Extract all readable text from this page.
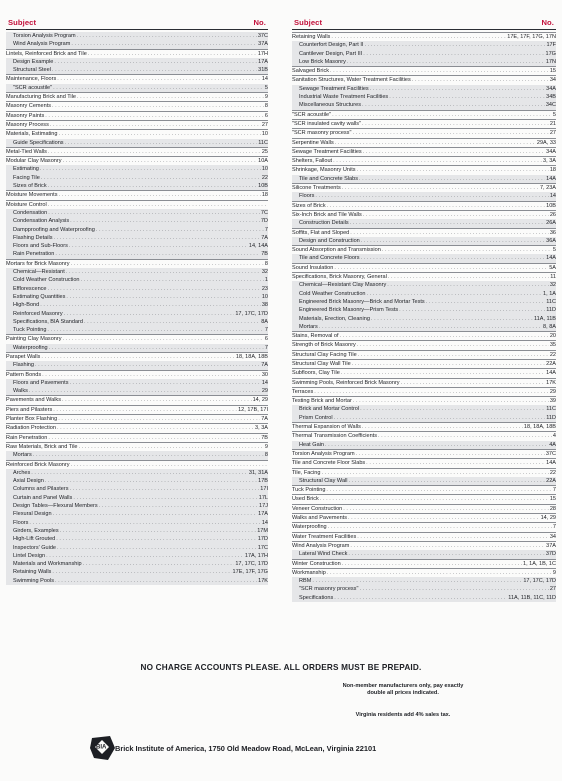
Subject	No.
Torsion Analysis Program .....	37C
Wind Analysis Program .....	37A
Lintels, Reinforced Brick and Tile .....	17H
Design Example .....	17A
Structural Steel .....	31B
Maintenance, Floors .....	14
"SCR acoustile" .....	5
Manufacturing Brick and Tile .....	9
Masonry Cements .....	8
Masonry Paints .....	6
Masonry Process .....	27
Materials, Estimating .....	10
Guide Specifications .....	11C
Metal-Tied Walls .....	25
Modular Clay Masonry .....	10A
Estimating .....	10
Facing Tile .....	22
Sizes of Brick .....	10B
Moisture Movements .....	18
Moisture Control
.....
Condensation .....	7C
Condensation Analysis .....	7D
Dampproofing and Waterproofing .....	7
Flashing Details .....	7A
Floors and Sub-Floors .....	14, 14A
Rain Penetration .....	7B
Mortars for Brick Masonry .....	8
Chemical—Resistant .....	32
Cold Weather Construction .....	1
Efflorescence .....	23
Estimating Quantities .....	10
High-Bond .....	38
Reinforced Masonry .....	17, 17C, 17D
Specifications, BIA Standard .....	8A
Tuck Pointing .....	7
Painting Clay Masonry .....	6
Waterproofing .....	7
Parapet Walls .....	18, 18A, 18B
Flashing .....	7A
Pattern Bonds .....	30
Floors and Pavements .....	14
Walks .....	29
Pavements and Walks .....	14, 29
Piers and Pilasters .....	12, 17B, 17I
Planter Box Flashing .....	7A
Radiation Protection .....	3, 3A
Rain Penetration .....	7B
Raw Materials, Brick and Tile .....	9
Mortars .....	8
Reinforced Brick Masonry
.....
Arches .....	31, 31A
Axial Design .....	17B
Columns and Pilasters .....	17I
Curtain and Panel Walls .....	17L
Design Tables—Flexural Members .....	17J
Flexural Design .....	17A
Floors .....	14
Girders, Examples .....	17M
High-Lift Grouted .....	17D
Inspectors' Guide .....	17C
Lintel Design .....	17A, 17H
Materials and Workmanship .....	17, 17C, 17D
Retaining Walls .....	17E, 17F, 17G
Swimming Pools .....	17K
Subject	No.
Retaining Walls .....	17E, 17F, 17G, 17N
Counterfort Design, Part II .....	17F
Cantilever Design, Part III .....	17G
Low Brick Masonry .....	17N
Salvaged Brick .....	15
Sanitation Structures, Water Treatment Facilities .....	34
Sewage Treatment Facilities .....	34A
Industrial Waste Treatment Facilities .....	34B
Miscellaneous Structures .....	34C
"SCR acoustile" .....	5
"SCR insulated cavity walls" .....	21
"SCR masonry process" .....	27
Serpentine Walls .....	29A, 33
Sewage Treatment Facilities .....	34A
Shelters, Fallout .....	3, 3A
Shrinkage, Masonry Units .....	18
Tile and Concrete Slabs .....	14A
Silicone Treatments .....	7, 23A
Floors .....	14
Sizes of Brick .....	10B
Six-Inch Brick and Tile Walls .....	26
Construction Details .....	26A
Soffits, Flat and Sloped .....	36
Design and Construction .....	36A
Sound Absorption and Transmission .....	5
Tile and Concrete Floors .....	14A
Sound Insulation .....	5A
Specifications, Brick Masonry, General .....	11
Chemical—Resistant Clay Masonry .....	32
Cold Weather Construction .....	1, 1A
Engineered Brick Masonry—Brick and Mortar Tests .....	11C
Engineered Brick Masonry—Prism Tests .....	11D
Materials, Erection, Cleaning .....	11A, 11B
Mortars .....	8, 8A
Stains, Removal of .....	20
Strength of Brick Masonry .....	35
Structural Clay Facing Tile .....	22
Structural Clay Wall Tile .....	22A
Subfloors, Clay Tile .....	14A
Swimming Pools, Reinforced Brick Masonry .....	17K
Terraces .....	29
Testing Brick and Mortar .....	39
Brick and Mortar Control .....	11C
Prism Control .....	11D
Thermal Expansion of Walls .....	18, 18A, 18B
Thermal Transmission Coefficients .....	4
Heat Gain .....	4A
Torsion Analysis Program .....	37C
Tile and Concrete Floor Slabs .....	14A
Tile, Facing .....	22
Structural Clay Wall .....	22A
Tuck Pointing .....	7
Used Brick .....	15
Veneer Construction .....	28
Walks and Pavements .....	14, 29
Waterproofing .....	7
Water Treatment Facilities .....	34
Wind Analysis Program .....	37A
Lateral Wind Check .....	37D
Winter Construction .....	1, 1A, 1B, 1C
Workmanship .....	9
RBM .....	17, 17C, 17D
"SCR masonry process" .....	27
Specifications .....	11A, 11B, 11C, 11D
NO CHARGE ACCOUNTS PLEASE. ALL ORDERS MUST BE PREPAID.
Non-member manufacturers only, pay exactly double all prices indicated.
Virginia residents add 4% sales tax.
BIA Brick Institute of America, 1750 Old Meadow Road, McLean, Virginia 22101
